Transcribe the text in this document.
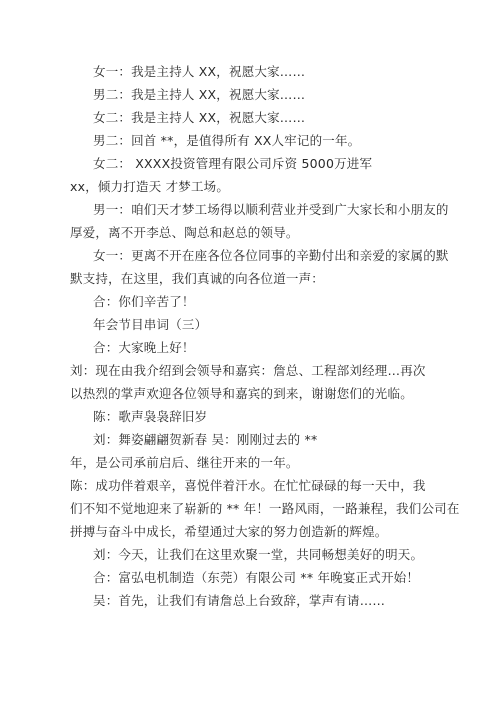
女一：我是主持人 XX，祝愿大家……
男二：我是主持人 XX，祝愿大家……
女二：我是主持人 XX，祝愿大家……
男二：回首 **，是值得所有 XX人牢记的一年。
女二： XXXX投资管理有限公司斥资 5000万进军
xx，倾力打造天 才梦工场。
男一：咱们天才梦工场得以顺利营业并受到广大家长和小朋友的
厚爱，离不开李总、陶总和赵总的领导。
女一：更离不开在座各位各位同事的辛勤付出和亲爱的家属的默
默支持，在这里，我们真诚的向各位道一声：
合：你们辛苦了！
年会节目串词（三）
合：大家晚上好！
刘：现在由我介绍到会领导和嘉宾：詹总、工程部刘经理…再次
以热烈的掌声欢迎各位领导和嘉宾的到来，谢谢您们的光临。
陈：歌声袅袅辞旧岁
刘：舞姿翩翩贺新春 吴：刚刚过去的 **
年，是公司承前启后、继往开来的一年。
陈：成功伴着艰辛，喜悦伴着汗水。在忙忙碌碌的每一天中，我
们不知不觉地迎来了崭新的 ** 年！一路风雨，一路兼程，我们公司在
拼搏与奋斗中成长，希望通过大家的努力创造新的辉煌。
刘：今天，让我们在这里欢聚一堂，共同畅想美好的明天。
合：富弘电机制造（东莞）有限公司 ** 年晚宴正式开始！
吴：首先，让我们有请詹总上台致辞，掌声有请……
